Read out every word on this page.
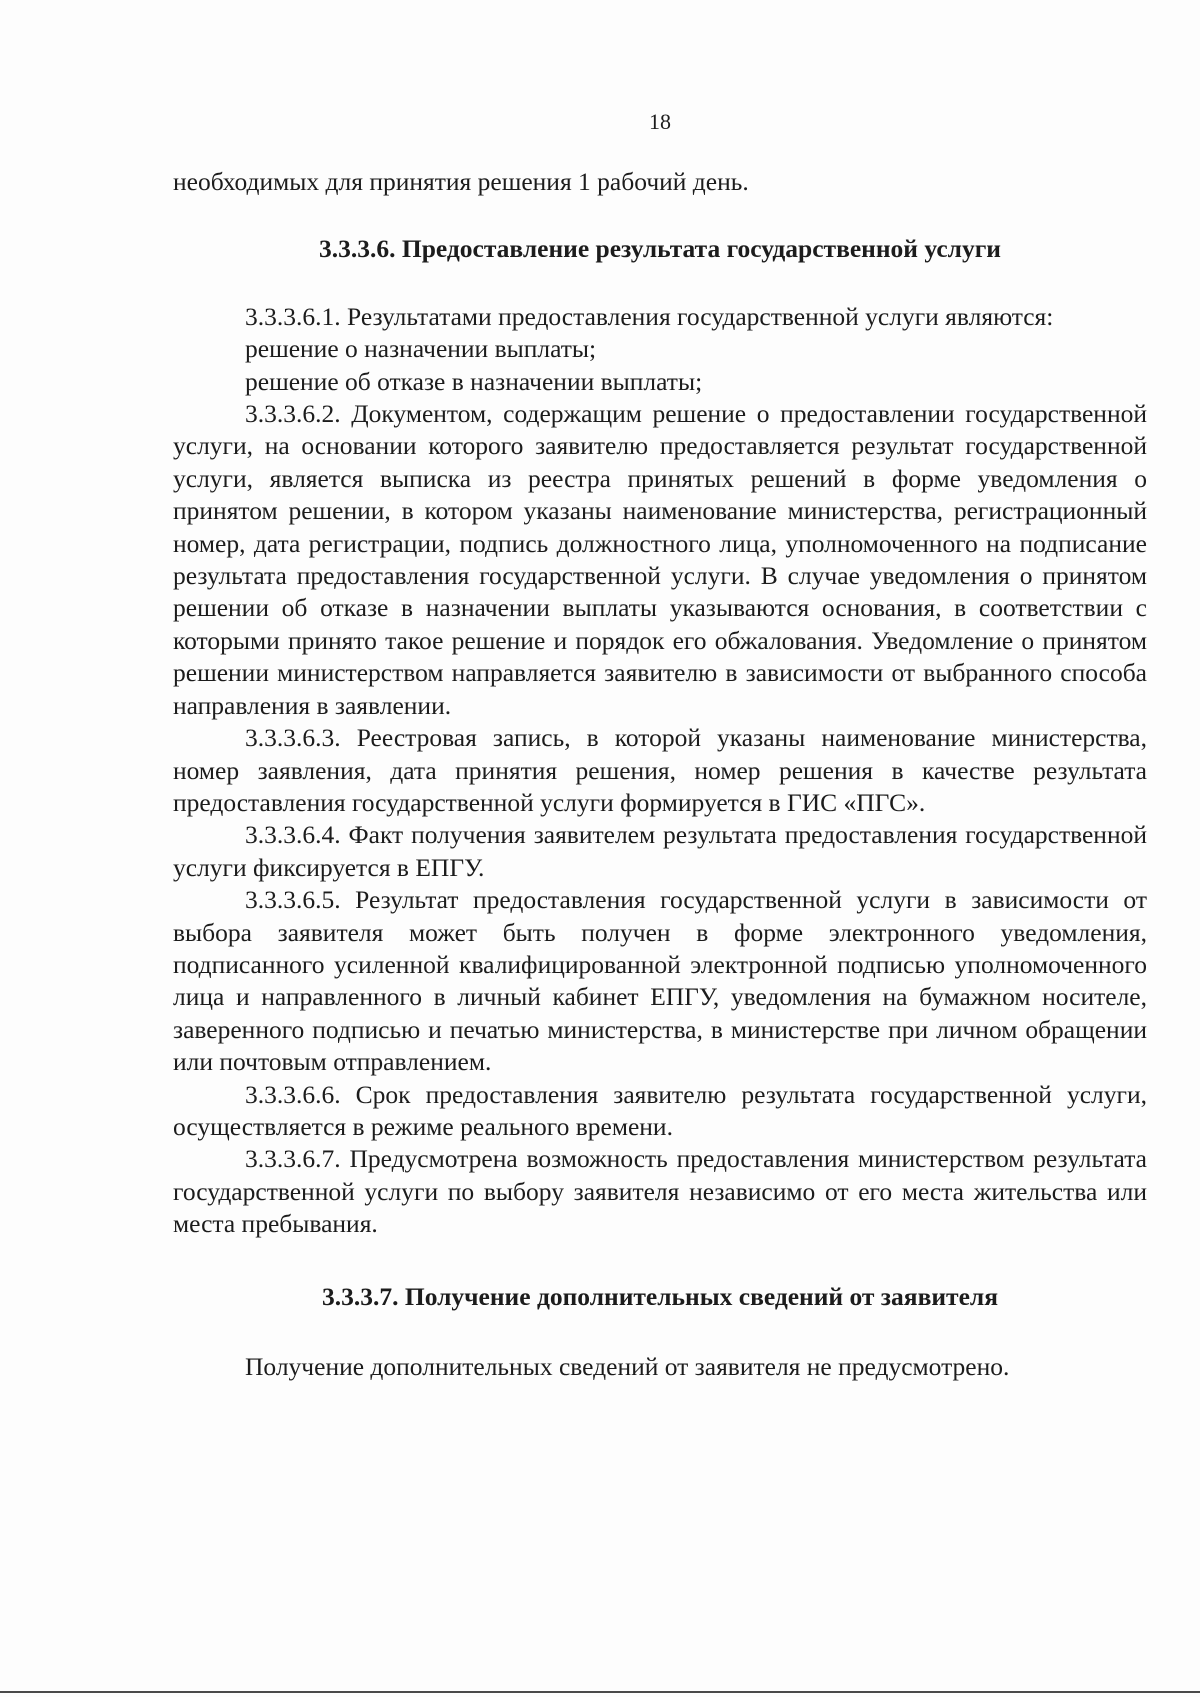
18

необходимых для принятия решения 1 рабочий день.

3.3.3.6. Предоставление результата государственной услуги

3.3.3.6.1. Результатами предоставления государственной услуги являются:

решение о назначении выплаты;

решение об отказе в назначении выплаты;

3.3.3.6.2. Документом, содержащим решение о предоставлении государственной услуги, на основании которого заявителю предоставляется результат государственной услуги, является выписка из реестра принятых решений в форме уведомления о принятом решении, в котором указаны наименование министерства, регистрационный номер, дата регистрации, подпись должностного лица, уполномоченного на подписание результата предоставления государственной услуги. В случае уведомления о принятом решении об отказе в назначении выплаты указываются основания, в соответствии с которыми принято такое решение и порядок его обжалования. Уведомление о принятом решении министерством направляется заявителю в зависимости от выбранного способа направления в заявлении.

3.3.3.6.3. Реестровая запись, в которой указаны наименование министерства, номер заявления, дата принятия решения, номер решения в качестве результата предоставления государственной услуги формируется в ГИС «ПГС».

3.3.3.6.4. Факт получения заявителем результата предоставления государственной услуги фиксируется в ЕПГУ.

3.3.3.6.5. Результат предоставления государственной услуги в зависимости от выбора заявителя может быть получен в форме электронного уведомления, подписанного усиленной квалифицированной электронной подписью уполномоченного лица и направленного в личный кабинет ЕПГУ, уведомления на бумажном носителе, заверенного подписью и печатью министерства, в министерстве при личном обращении или почтовым отправлением.

3.3.3.6.6. Срок предоставления заявителю результата государственной услуги, осуществляется в режиме реального времени.

3.3.3.6.7. Предусмотрена возможность предоставления министерством результата государственной услуги по выбору заявителя независимо от его места жительства или места пребывания.

3.3.3.7. Получение дополнительных сведений от заявителя

Получение дополнительных сведений от заявителя не предусмотрено.
